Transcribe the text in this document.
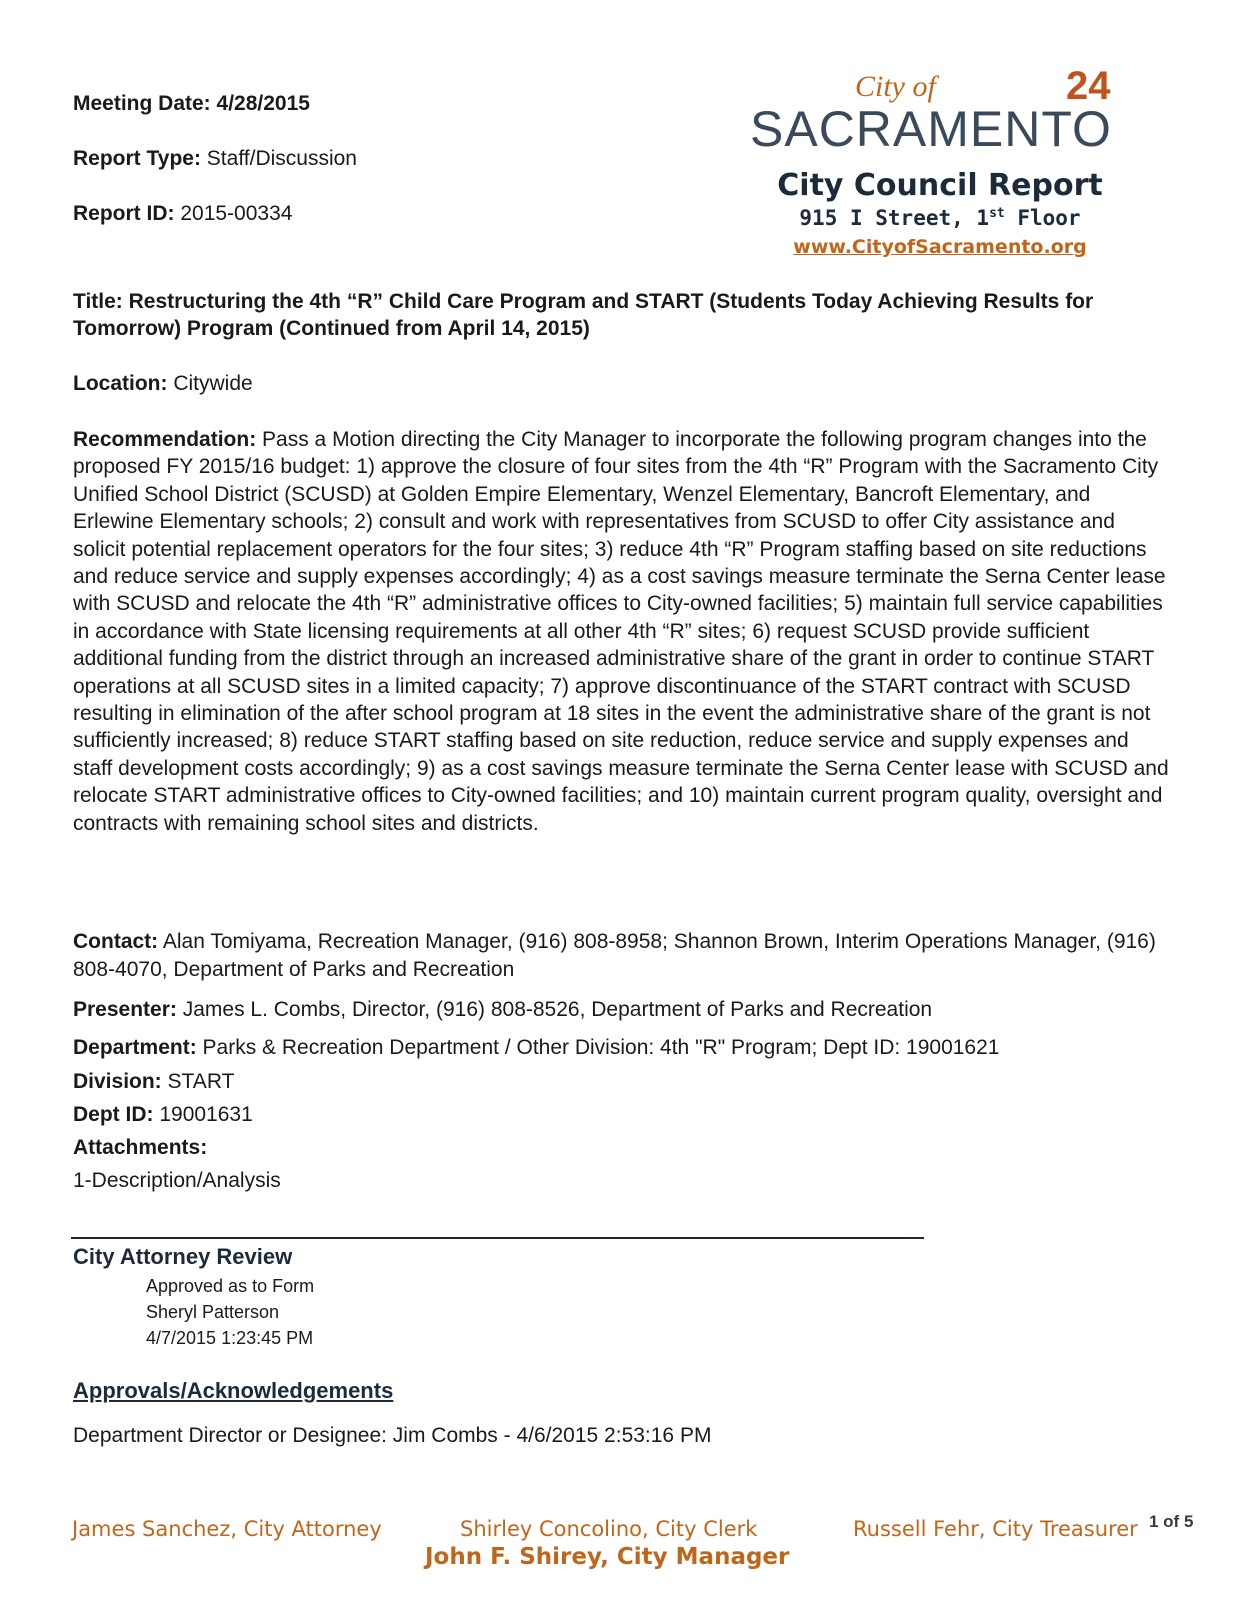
Meeting Date: 4/28/2015
Report Type: Staff/Discussion
Report ID: 2015-00334
City of	24
SACRAMENTO
City Council Report
915 I Street, 1st Floor
www.CityofSacramento.org
Title: Restructuring the 4th “R” Child Care Program and START (Students Today Achieving Results for Tomorrow) Program (Continued from April 14, 2015)
Location: Citywide
Recommendation: Pass a Motion directing the City Manager to incorporate the following program changes into the proposed FY 2015/16 budget: 1) approve the closure of four sites from the 4th “R” Program with the Sacramento City Unified School District (SCUSD) at Golden Empire Elementary, Wenzel Elementary, Bancroft Elementary, and Erlewine Elementary schools; 2) consult and work with representatives from SCUSD to offer City assistance and solicit potential replacement operators for the four sites; 3) reduce 4th “R” Program staffing based on site reductions and reduce service and supply expenses accordingly; 4) as a cost savings measure terminate the Serna Center lease with SCUSD and relocate the 4th “R” administrative offices to City-owned facilities; 5) maintain full service capabilities in accordance with State licensing requirements at all other 4th “R” sites; 6) request SCUSD provide sufficient additional funding from the district through an increased administrative share of the grant in order to continue START operations at all SCUSD sites in a limited capacity; 7) approve discontinuance of the START contract with SCUSD resulting in elimination of the after school program at 18 sites in the event the administrative share of the grant is not sufficiently increased; 8) reduce START staffing based on site reduction, reduce service and supply expenses and staff development costs accordingly; 9) as a cost savings measure terminate the Serna Center lease with SCUSD and relocate START administrative offices to City-owned facilities; and 10) maintain current program quality, oversight and contracts with remaining school sites and districts.
Contact: Alan Tomiyama, Recreation Manager, (916) 808-8958; Shannon Brown, Interim Operations Manager, (916) 808-4070, Department of Parks and Recreation
Presenter: James L. Combs, Director, (916) 808-8526, Department of Parks and Recreation
Department: Parks & Recreation Department / Other Division: 4th "R" Program; Dept ID: 19001621
Division: START
Dept ID: 19001631
Attachments:
1-Description/Analysis
City Attorney Review
Approved as to Form
Sheryl Patterson
4/7/2015 1:23:45 PM
Approvals/Acknowledgements
Department Director or Designee: Jim Combs - 4/6/2015 2:53:16 PM
James Sanchez, City Attorney	Shirley Concolino, City Clerk	Russell Fehr, City Treasurer 1 of 5
John F. Shirey, City Manager
